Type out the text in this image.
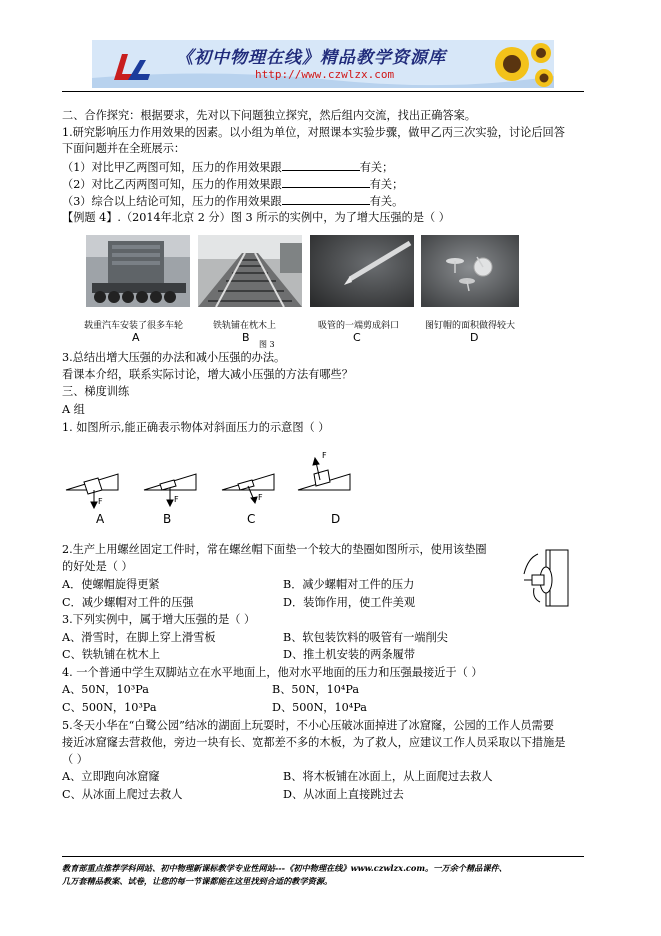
《初中物理在线》精品教学资源库
http://www.czwlzx.com
二、合作探究：根据要求，先对以下问题独立探究，然后组内交流，找出正确答案。
1.研究影响压力作用效果的因素。以小组为单位，对照课本实验步骤，做甲乙丙三次实验，讨论后回答
下面问题并在全班展示：
（1）对比甲乙两图可知，压力的作用效果跟	有关；
（2）对比乙丙两图可知，压力的作用效果跟	有关；
（3）综合以上结论可知，压力的作用效果跟	有关。
【例题 4】.（2014年北京 2 分）图 3 所示的实例中，为了增大压强的是（ ）
载重汽车安装了很多车轮	铁轨铺在枕木上	吸管的一端剪成斜口	图钉帽的面积做得较大
A	B
图 3
C	D
3.总结出增大压强的办法和减小压强的办法。
看课本介绍，联系实际讨论，增大减小压强的方法有哪些？
三、梯度训练
A 组
1. 如图所示,能正确表示物体对斜面压力的示意图（ ）
F	F	F
F
A	B	C	D
2.生产上用螺丝固定工件时，常在螺丝帽下面垫一个较大的垫圈如图所示，使用该垫圈
的好处是（ ）
A．使螺帽旋得更紧	B．减少螺帽对工件的压力
C．减少螺帽对工件的压强	D．装饰作用，使工件美观
3.下列实例中，属于增大压强的是（ ）
A、滑雪时，在脚上穿上滑雪板	B、软包装饮料的吸管有一端削尖
C、铁轨铺在枕木上	D、推土机安装的两条履带
4. 一个普通中学生双脚站立在水平地面上，他对水平地面的压力和压强最接近于（ ）
A、50N，10³Pa	B、50N，10⁴Pa
C、500N，10³Pa	D、500N，10⁴Pa
5.冬天小华在“白鹭公园”结冰的湖面上玩耍时，不小心压破冰面掉进了冰窟窿，公园的工作人员需要
接近冰窟窿去营救他，旁边一块有长、宽都差不多的木板，为了救人，应建议工作人员采取以下措施是
（ ）
A、立即跑向冰窟窿	B、将木板铺在冰面上，从上面爬过去救人
C、从冰面上爬过去救人	D、从冰面上直接跳过去
教育部重点推荐学科网站、初中物理新课标教学专业性网站---《初中物理在线》www.czwlzx.com。一万余个精品课件、
几万套精品教案、试卷，让您的每一节课都能在这里找到合适的教学资源。
